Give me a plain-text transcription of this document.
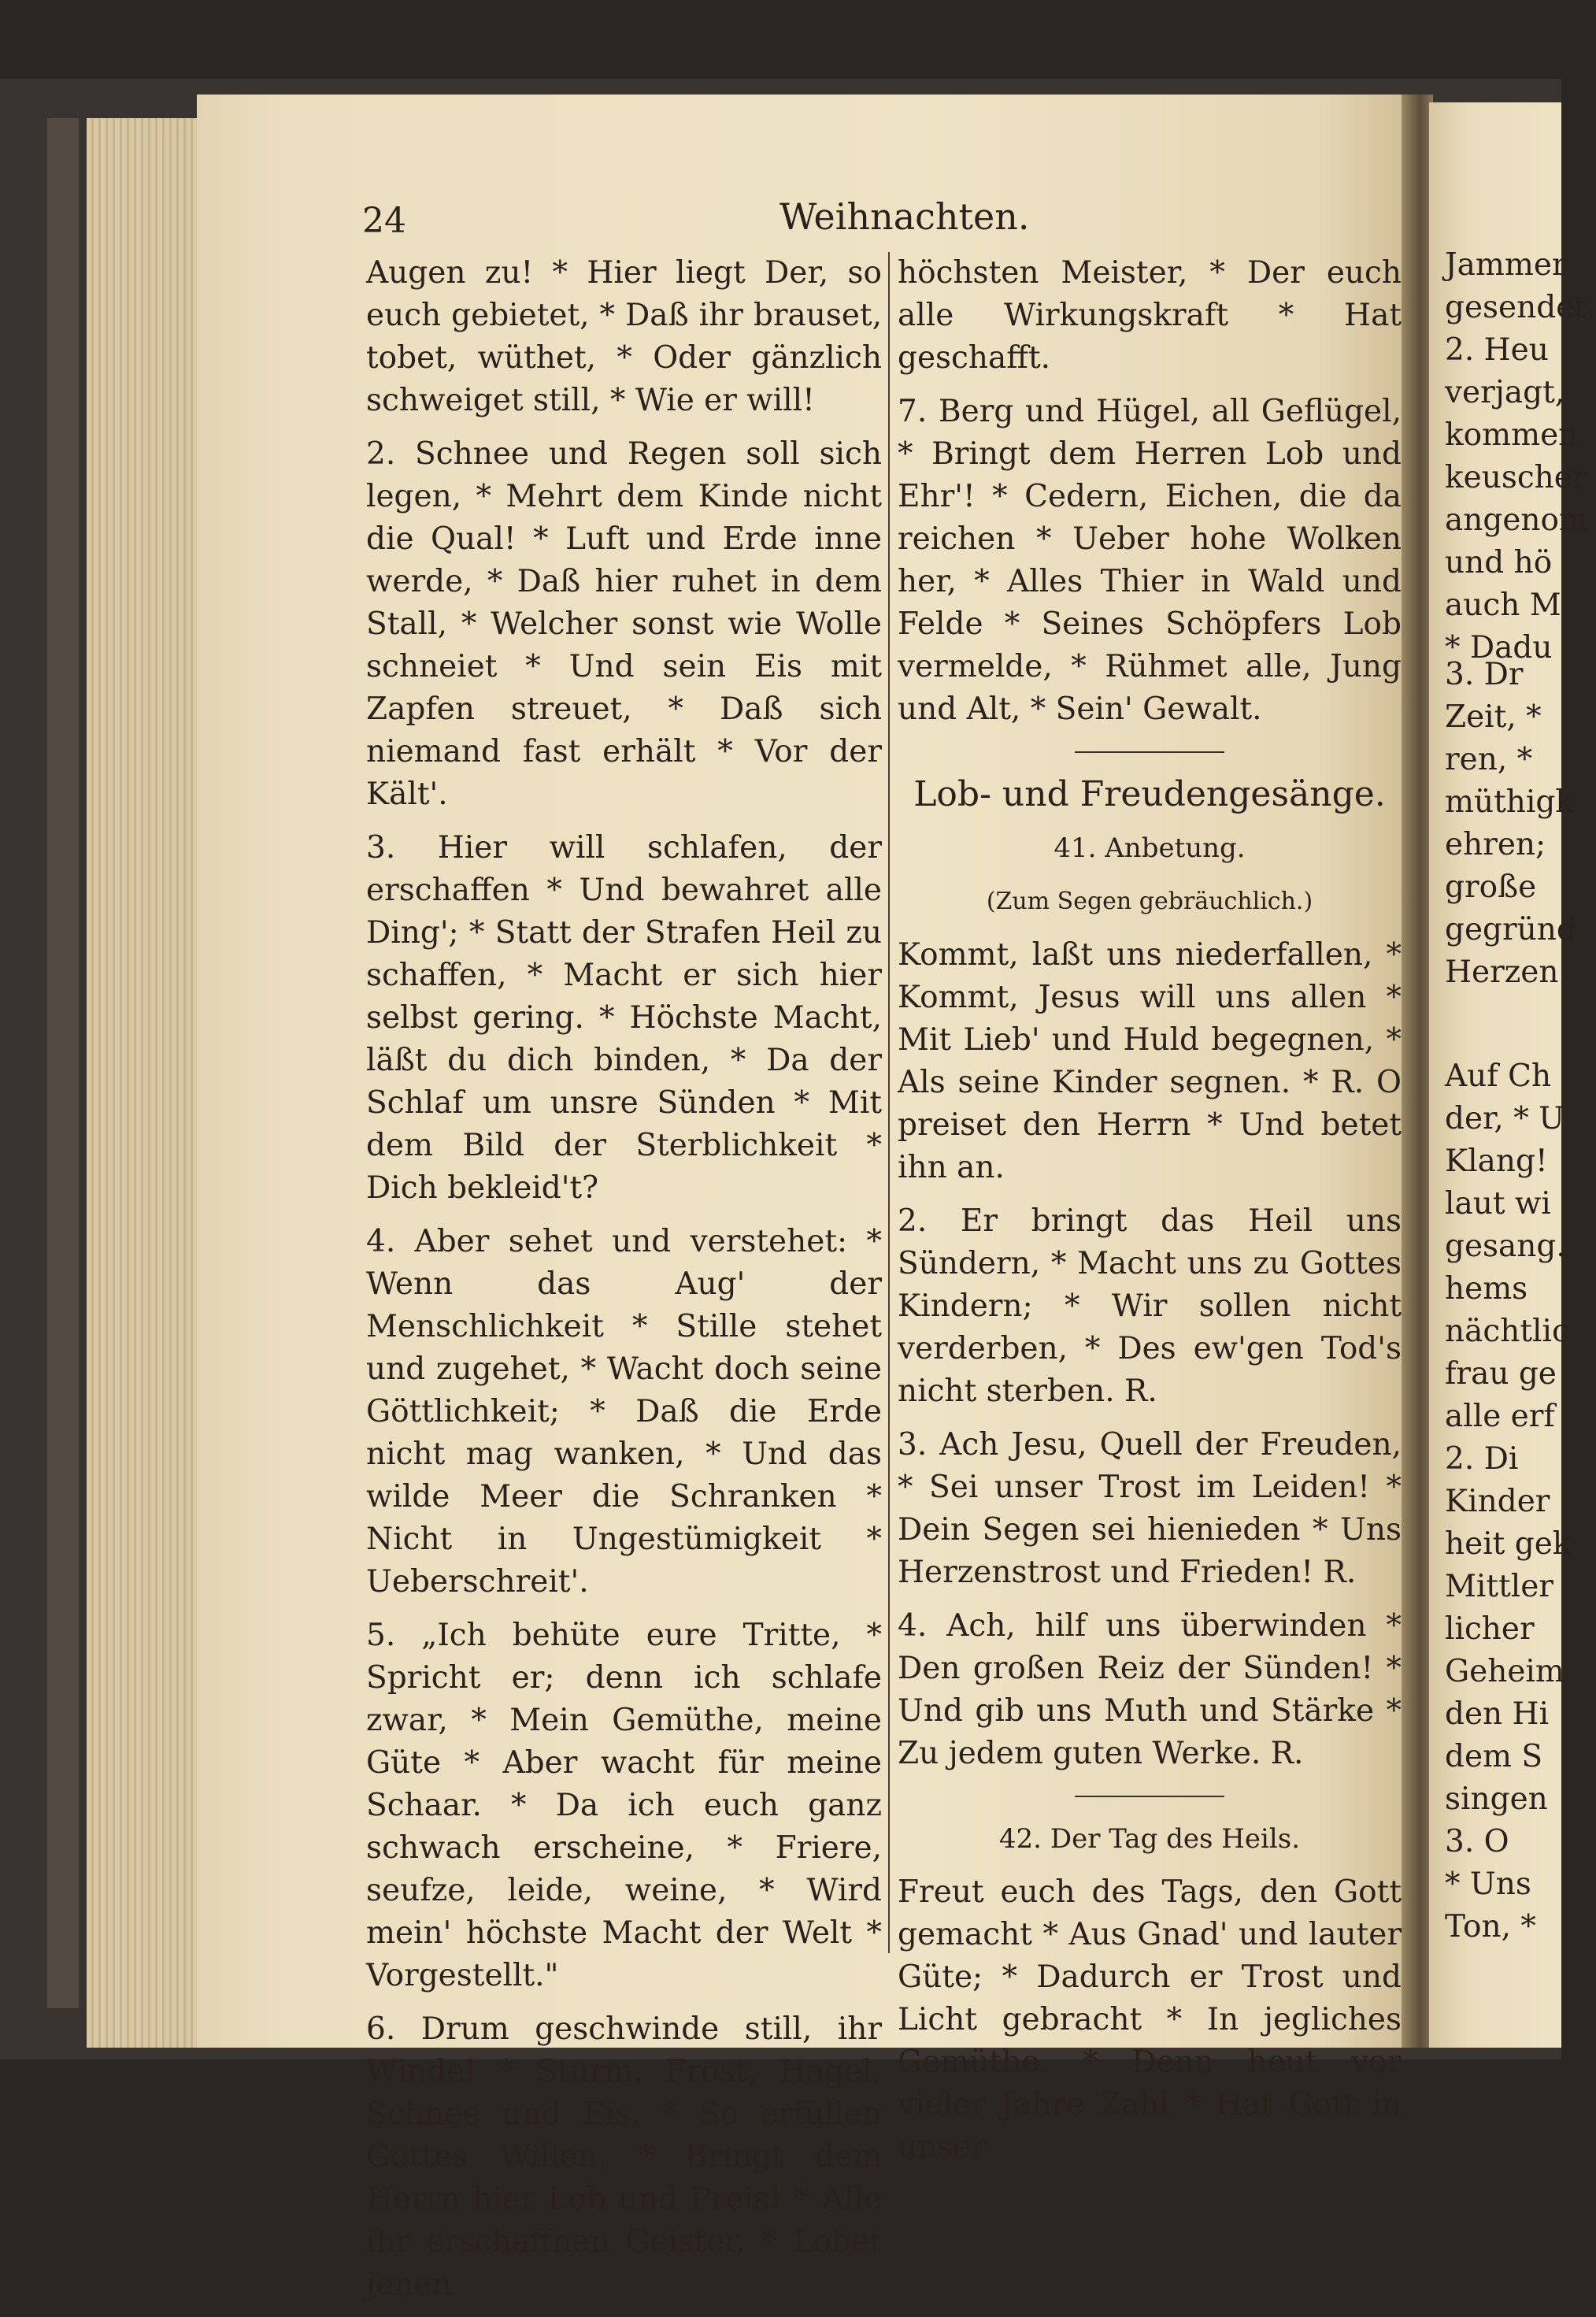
24	Weihnachten.

Augen zu! * Hier liegt Der, so euch gebietet, * Daß ihr brauset, tobet, wüthet, * Oder gänzlich schweiget still, * Wie er will!

2. Schnee und Regen soll sich legen, * Mehrt dem Kinde nicht die Qual! * Luft und Erde inne werde, * Daß hier ruhet in dem Stall, * Welcher sonst wie Wolle schneiet * Und sein Eis mit Zapfen streuet, * Daß sich niemand fast erhält * Vor der Kält'.

3. Hier will schlafen, der erschaffen * Und bewahret alle Ding'; * Statt der Strafen Heil zu schaffen, * Macht er sich hier selbst gering. * Höchste Macht, läßt du dich binden, * Da der Schlaf um unsre Sünden * Mit dem Bild der Sterblichkeit * Dich bekleid't?

4. Aber sehet und verstehet: * Wenn das Aug' der Menschlichkeit * Stille stehet und zugehet, * Wacht doch seine Göttlichkeit; * Daß die Erde nicht mag wanken, * Und das wilde Meer die Schranken * Nicht in Ungestümigkeit * Ueberschreit'.

5. „Ich behüte eure Tritte, * Spricht er; denn ich schlafe zwar, * Mein Gemüthe, meine Güte * Aber wacht für meine Schaar. * Da ich euch ganz schwach erscheine, * Friere, seufze, leide, weine, * Wird mein' höchste Macht der Welt * Vorgestellt."

6. Drum geschwinde still, ihr Winde! * Sturm, Frost, Hagel, Schnee und Eis, * So erfüllen Gottes Willen, * Bringt dem Herrn hier Lob und Preis! * Alle ihr erschaffnen Geister, * Lobet jenen

höchsten Meister, * Der euch alle Wirkungskraft * Hat geschafft.

7. Berg und Hügel, all Geflügel, * Bringt dem Herren Lob und Ehr'! * Cedern, Eichen, die da reichen * Ueber hohe Wolken her, * Alles Thier in Wald und Felde * Seines Schöpfers Lob vermelde, * Rühmet alle, Jung und Alt, * Sein' Gewalt.

Lob- und Freudengesänge.

41. Anbetung.

(Zum Segen gebräuchlich.)

Kommt, laßt uns niederfallen, * Kommt, Jesus will uns allen * Mit Lieb' und Huld begegnen, * Als seine Kinder segnen. * R. O preiset den Herrn * Und betet ihn an.

2. Er bringt das Heil uns Sündern, * Macht uns zu Gottes Kindern; * Wir sollen nicht verderben, * Des ew'gen Tod's nicht sterben. R.

3. Ach Jesu, Quell der Freuden, * Sei unser Trost im Leiden! * Dein Segen sei hienieden * Uns Herzenstrost und Frieden! R.

4. Ach, hilf uns überwinden * Den großen Reiz der Sünden! * Und gib uns Muth und Stärke * Zu jedem guten Werke. R.

42. Der Tag des Heils.

Freut euch des Tags, den Gott gemacht * Aus Gnad' und lauter Güte; * Dadurch er Trost und Licht gebracht * In jegliches Gemüthe. * Denn heut vor vieler Jahre Zahl * Hat Gott in unser

Jammer

gesendet.

2. Heu

verjagt,

kommen

keuscher

angenom

und hö

auch M

* Dadu

3. Dr

Zeit, *

ren, *

müthigk

ehren;

große

gegründ

Herzen

Auf Ch

der, * U

Klang!

laut wi

gesang.

hems

nächtlic

frau ge

alle erf

2. Di

Kinder

heit gek

Mittler

licher

Geheim

den Hi

dem S

singen

3. O

* Uns

Ton, *
